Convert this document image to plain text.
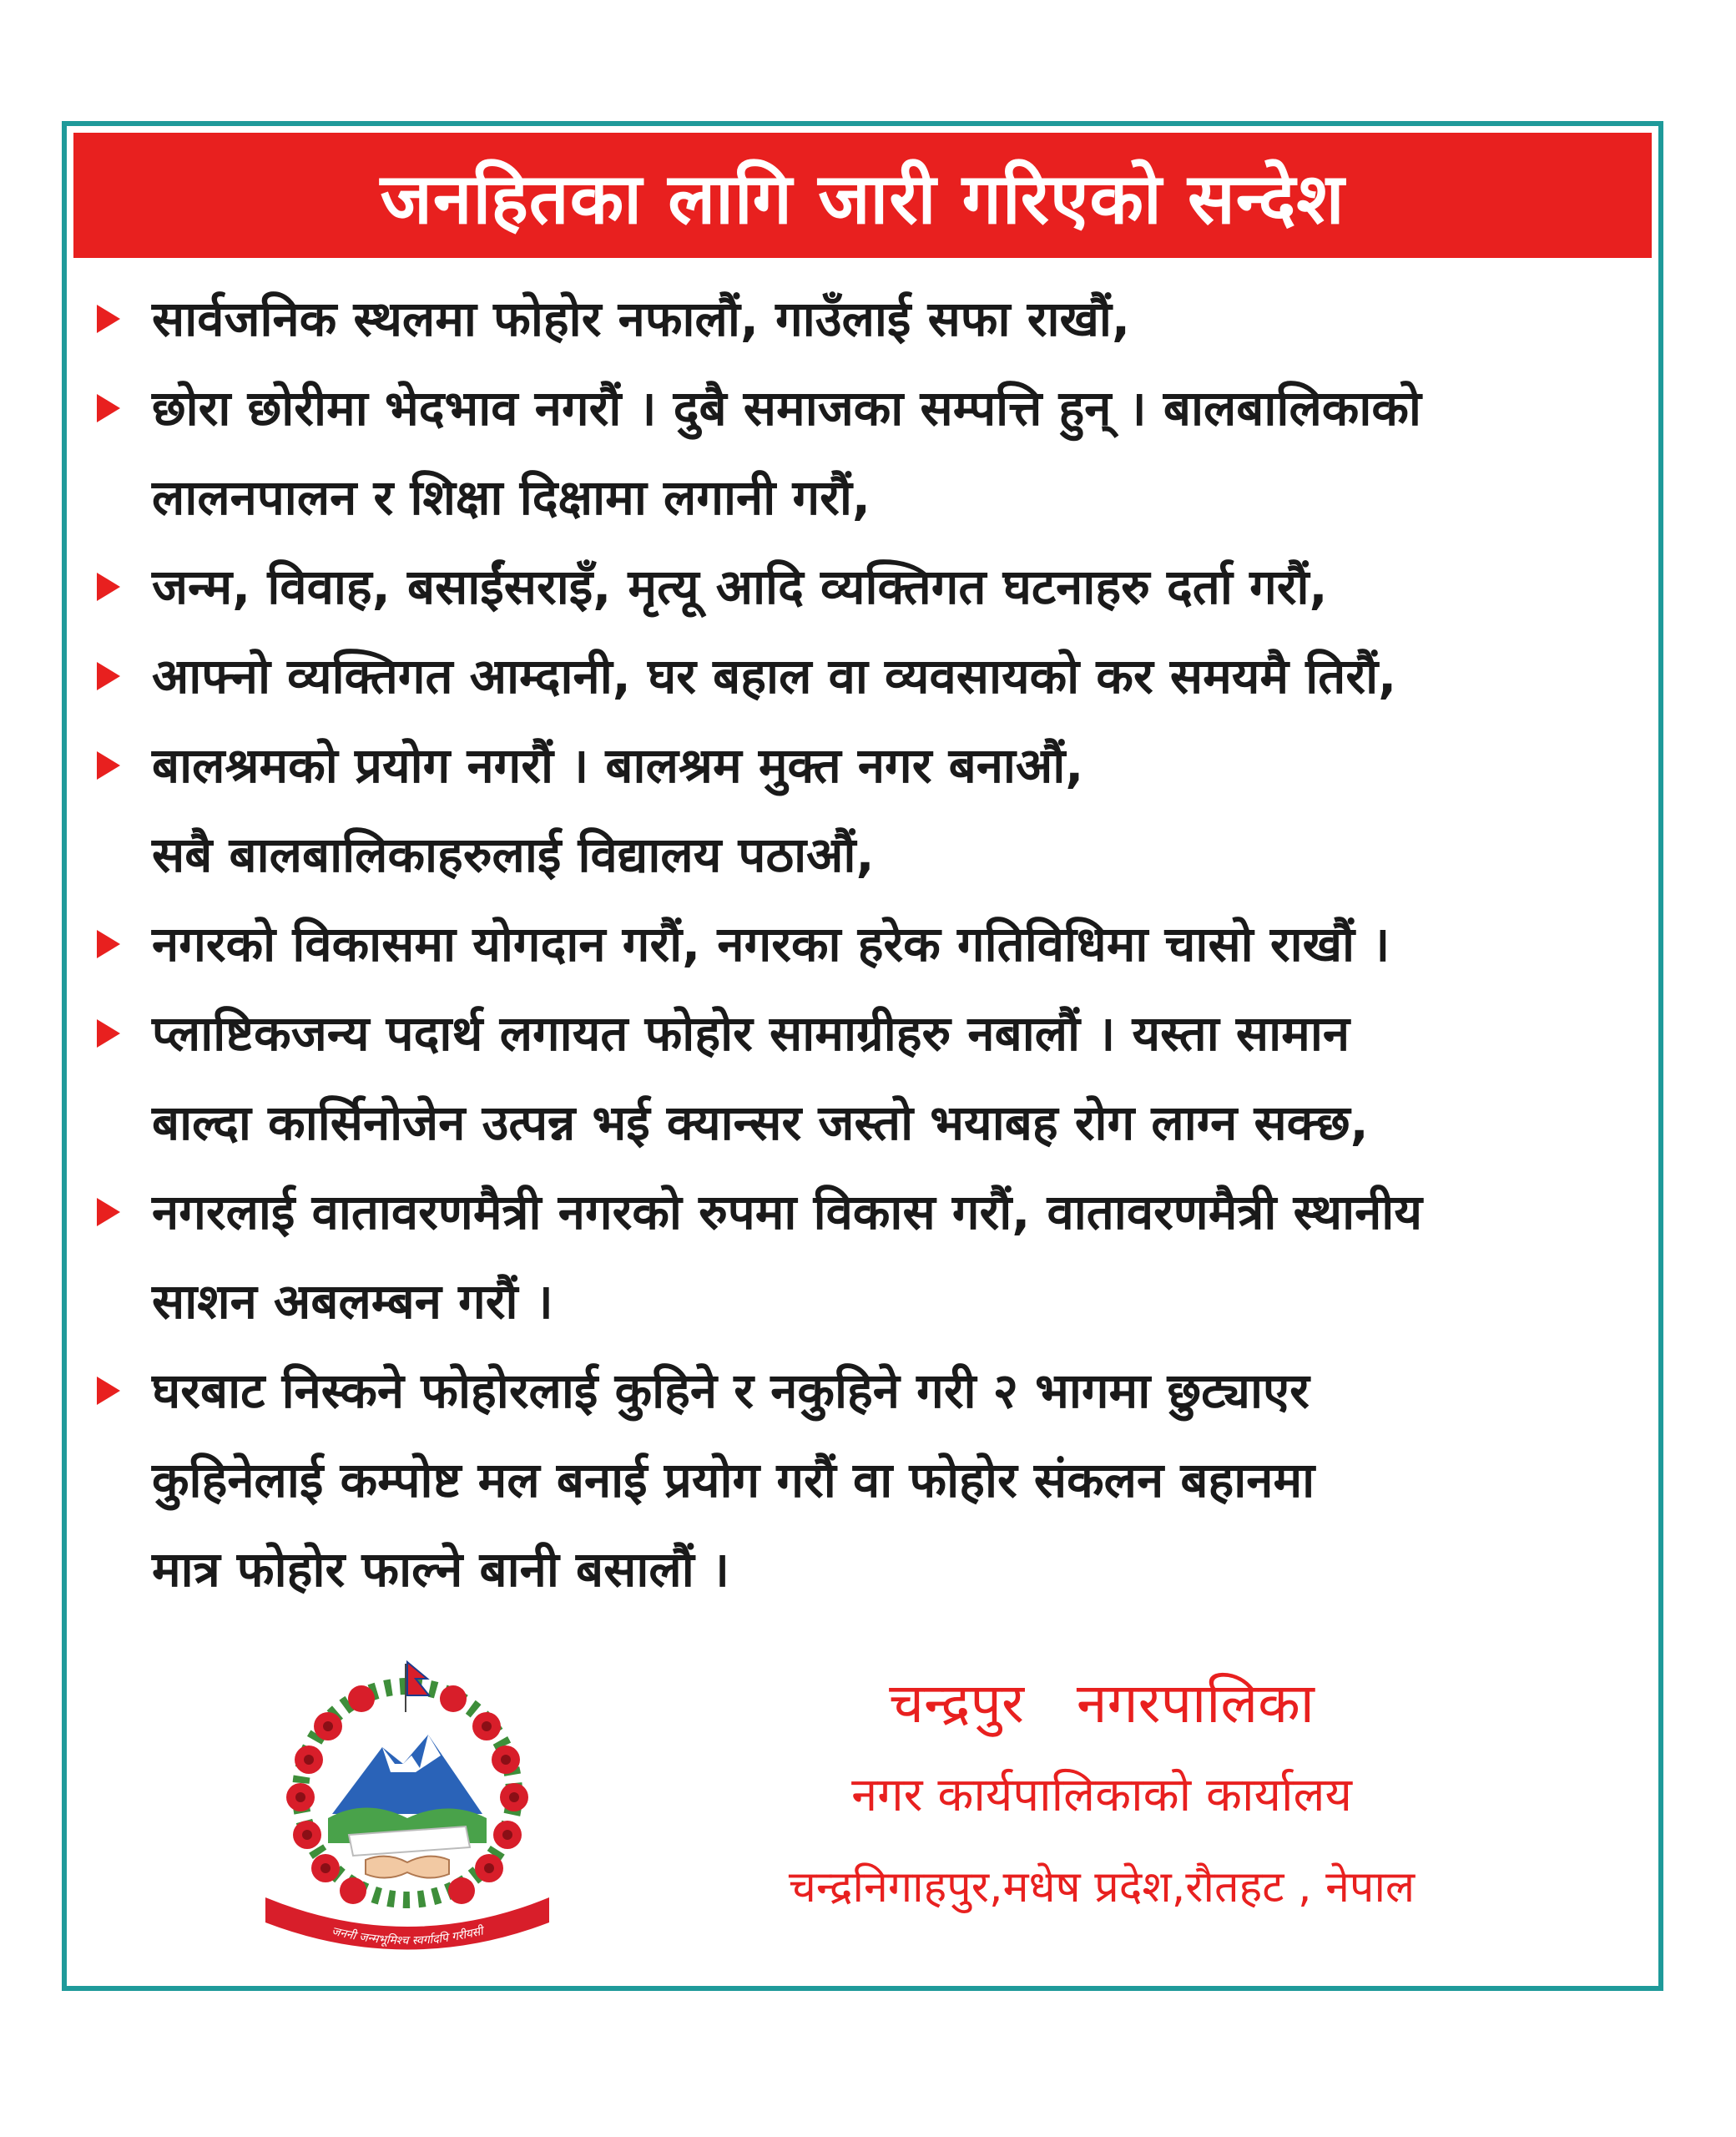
जनहितका लागि जारी गरिएको सन्देश
सार्वजनिक स्थलमा फोहोर नफालौं, गाउँलाई सफा राखौं,
छोरा छोरीमा भेदभाव नगरौं । दुबै समाजका सम्पत्ति हुन् । बालबालिकाको
लालनपालन र शिक्षा दिक्षामा लगानी गरौं,
जन्म, विवाह, बसाईंसराइँ, मृत्यू आदि व्यक्तिगत घटनाहरु दर्ता गरौं,
आफ्नो व्यक्तिगत आम्दानी, घर बहाल वा व्यवसायको कर समयमै तिरौं,
बालश्रमको प्रयोग नगरौं । बालश्रम मुक्त नगर बनाऔं,
सबै बालबालिकाहरुलाई विद्यालय पठाऔं,
नगरको विकासमा योगदान गरौं, नगरका हरेक गतिविधिमा चासो राखौं ।
प्लाष्टिकजन्य पदार्थ लगायत फोहोर सामाग्रीहरु नबालौं । यस्ता सामान
बाल्दा कार्सिनोजेन उत्पन्न भई क्यान्सर जस्तो भयाबह रोग लाग्न सक्छ,
नगरलाई वातावरणमैत्री नगरको रुपमा विकास गरौं, वातावरणमैत्री स्थानीय
साशन अबलम्बन गरौं ।
घरबाट निस्कने फोहोरलाई कुहिने र नकुहिने गरी २ भागमा छुट्याएर
कुहिनेलाई कम्पोष्ट मल बनाई प्रयोग गरौं वा फोहोर संकलन बहानमा
मात्र फोहोर फाल्ने बानी बसालौं ।
जननी जन्मभूमिश्च स्वर्गादपि गरीयसी
चन्द्रपुर   नगरपालिका
नगर कार्यपालिकाको कार्यालय
चन्द्रनिगाहपुर,मधेष प्रदेश,रौतहट , नेपाल
